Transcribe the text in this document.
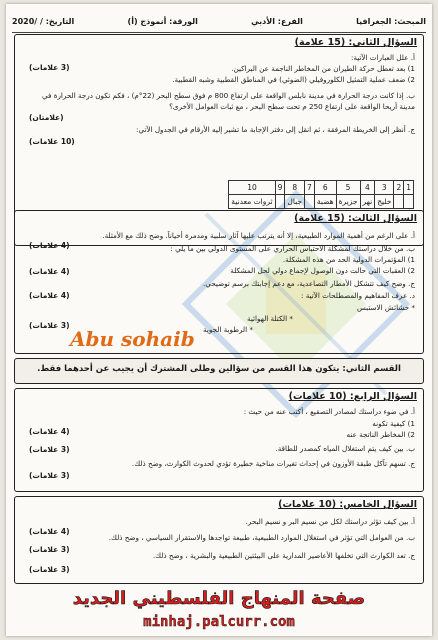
المبحث: الجغرافيا
الفرع: الأدبي
الورقة: أنموذج (أ)
التاريخ: / /2020
السؤال الثاني: (15 علامة)
أ. علل العبارات الآتية:
1) بعد تعطل حركة الطيران من المخاطر الناجمة عن البراكين.
2) ضعف عملية التمثيل الكلوروفيلي (الضوئي) في المناطق القطبية وشبه القطبية.
(3 علامات)
ب. إذا كانت درجة الحرارة في مدينة نابلس الواقعة على ارتفاع 800 م فوق سطح البحر (22°م) ، فكم تكون درجة الحرارة في
مدينة أريحا الواقعة على ارتفاع 250 م تحت سطح البحر ، مع ثبات العوامل الأخرى؟
(علامتان)
ج. أنظر إلى الخريطة المرفقة ، ثم انقل إلى دفتر الإجابة ما تشير إليه الأرقام في الجدول الآتي:
(10 علامات)
1	2	3	4	5	6	7	8	9	10
		خليج	نهر	جزيرة	هضبة		جبال		ثروات معدنية
السؤال الثالث: (15 علامة)
أ. على الرغم من أهمية الموارد الطبيعية، إلا أنه يترتب عليها آثار سلبية ومدمرة أحياناً. وضح ذلك مع الأمثلة.
(4 علامات)	ب. من خلال دراستك لمشكلة الاحتباس الحراري على المستوى الدولي بين ما يلي :
1) المؤتمرات الدولية الحد من هذه المشكلة.
2) العقبات التي حالت دون الوصول لإجماع دولي لحل المشكلة
(4 علامات)
ج. وضح كيف تتشكل الأمطار التصاعدية، مع دعم إجابتك برسم توضيحي.
(4 علامات)	د. عرف المفاهيم والمصطلحات الآتية :
* حشائش الاستبس
* الكتلة الهوائية
* الرطوبة الجوية
(3 علامات)
Abu sohaib
القسم الثاني: يتكون هذا القسم من سؤالين وطلى المشترك أن يجيب عن أحدهما فقط.
السؤال الرابع: (10 علامات)
أ. في ضوء دراستك لمصادر التصقيع ، أكتب عنه من حيث :
1) كيفية تكونه
2) المخاطر الناتجة عنه
(4 علامات)
ب. بين كيف يتم استغلال المياه كمصدر للطاقة.
(3 علامات)
ج. تسهم تآكل طبقة الأوزون في إحداث تغيرات مناخية خطيرة تؤدي لحدوث الكوارث، وضح ذلك.
(3 علامات)
السؤال الخامس: (10 علامات)
أ. بين كيف تؤثر دراستك لكل من نسيم البر و نسيم البحر.
(4 علامات)
ب. من العوامل التي تؤثر في استغلال الموارد الطبيعية، طبيعة تواجدها والاستقرار السياسي ، وضح ذلك.
(3 علامات)
ج. تعد الكوارث التي تخلفها الأعاصير المدارية على البيئتين الطبيعية والبشرية ، وضح ذلك.
(3 علامات)
صفحة المنهاج الفلسطيني الجديد
minhaj.palcurr.com
